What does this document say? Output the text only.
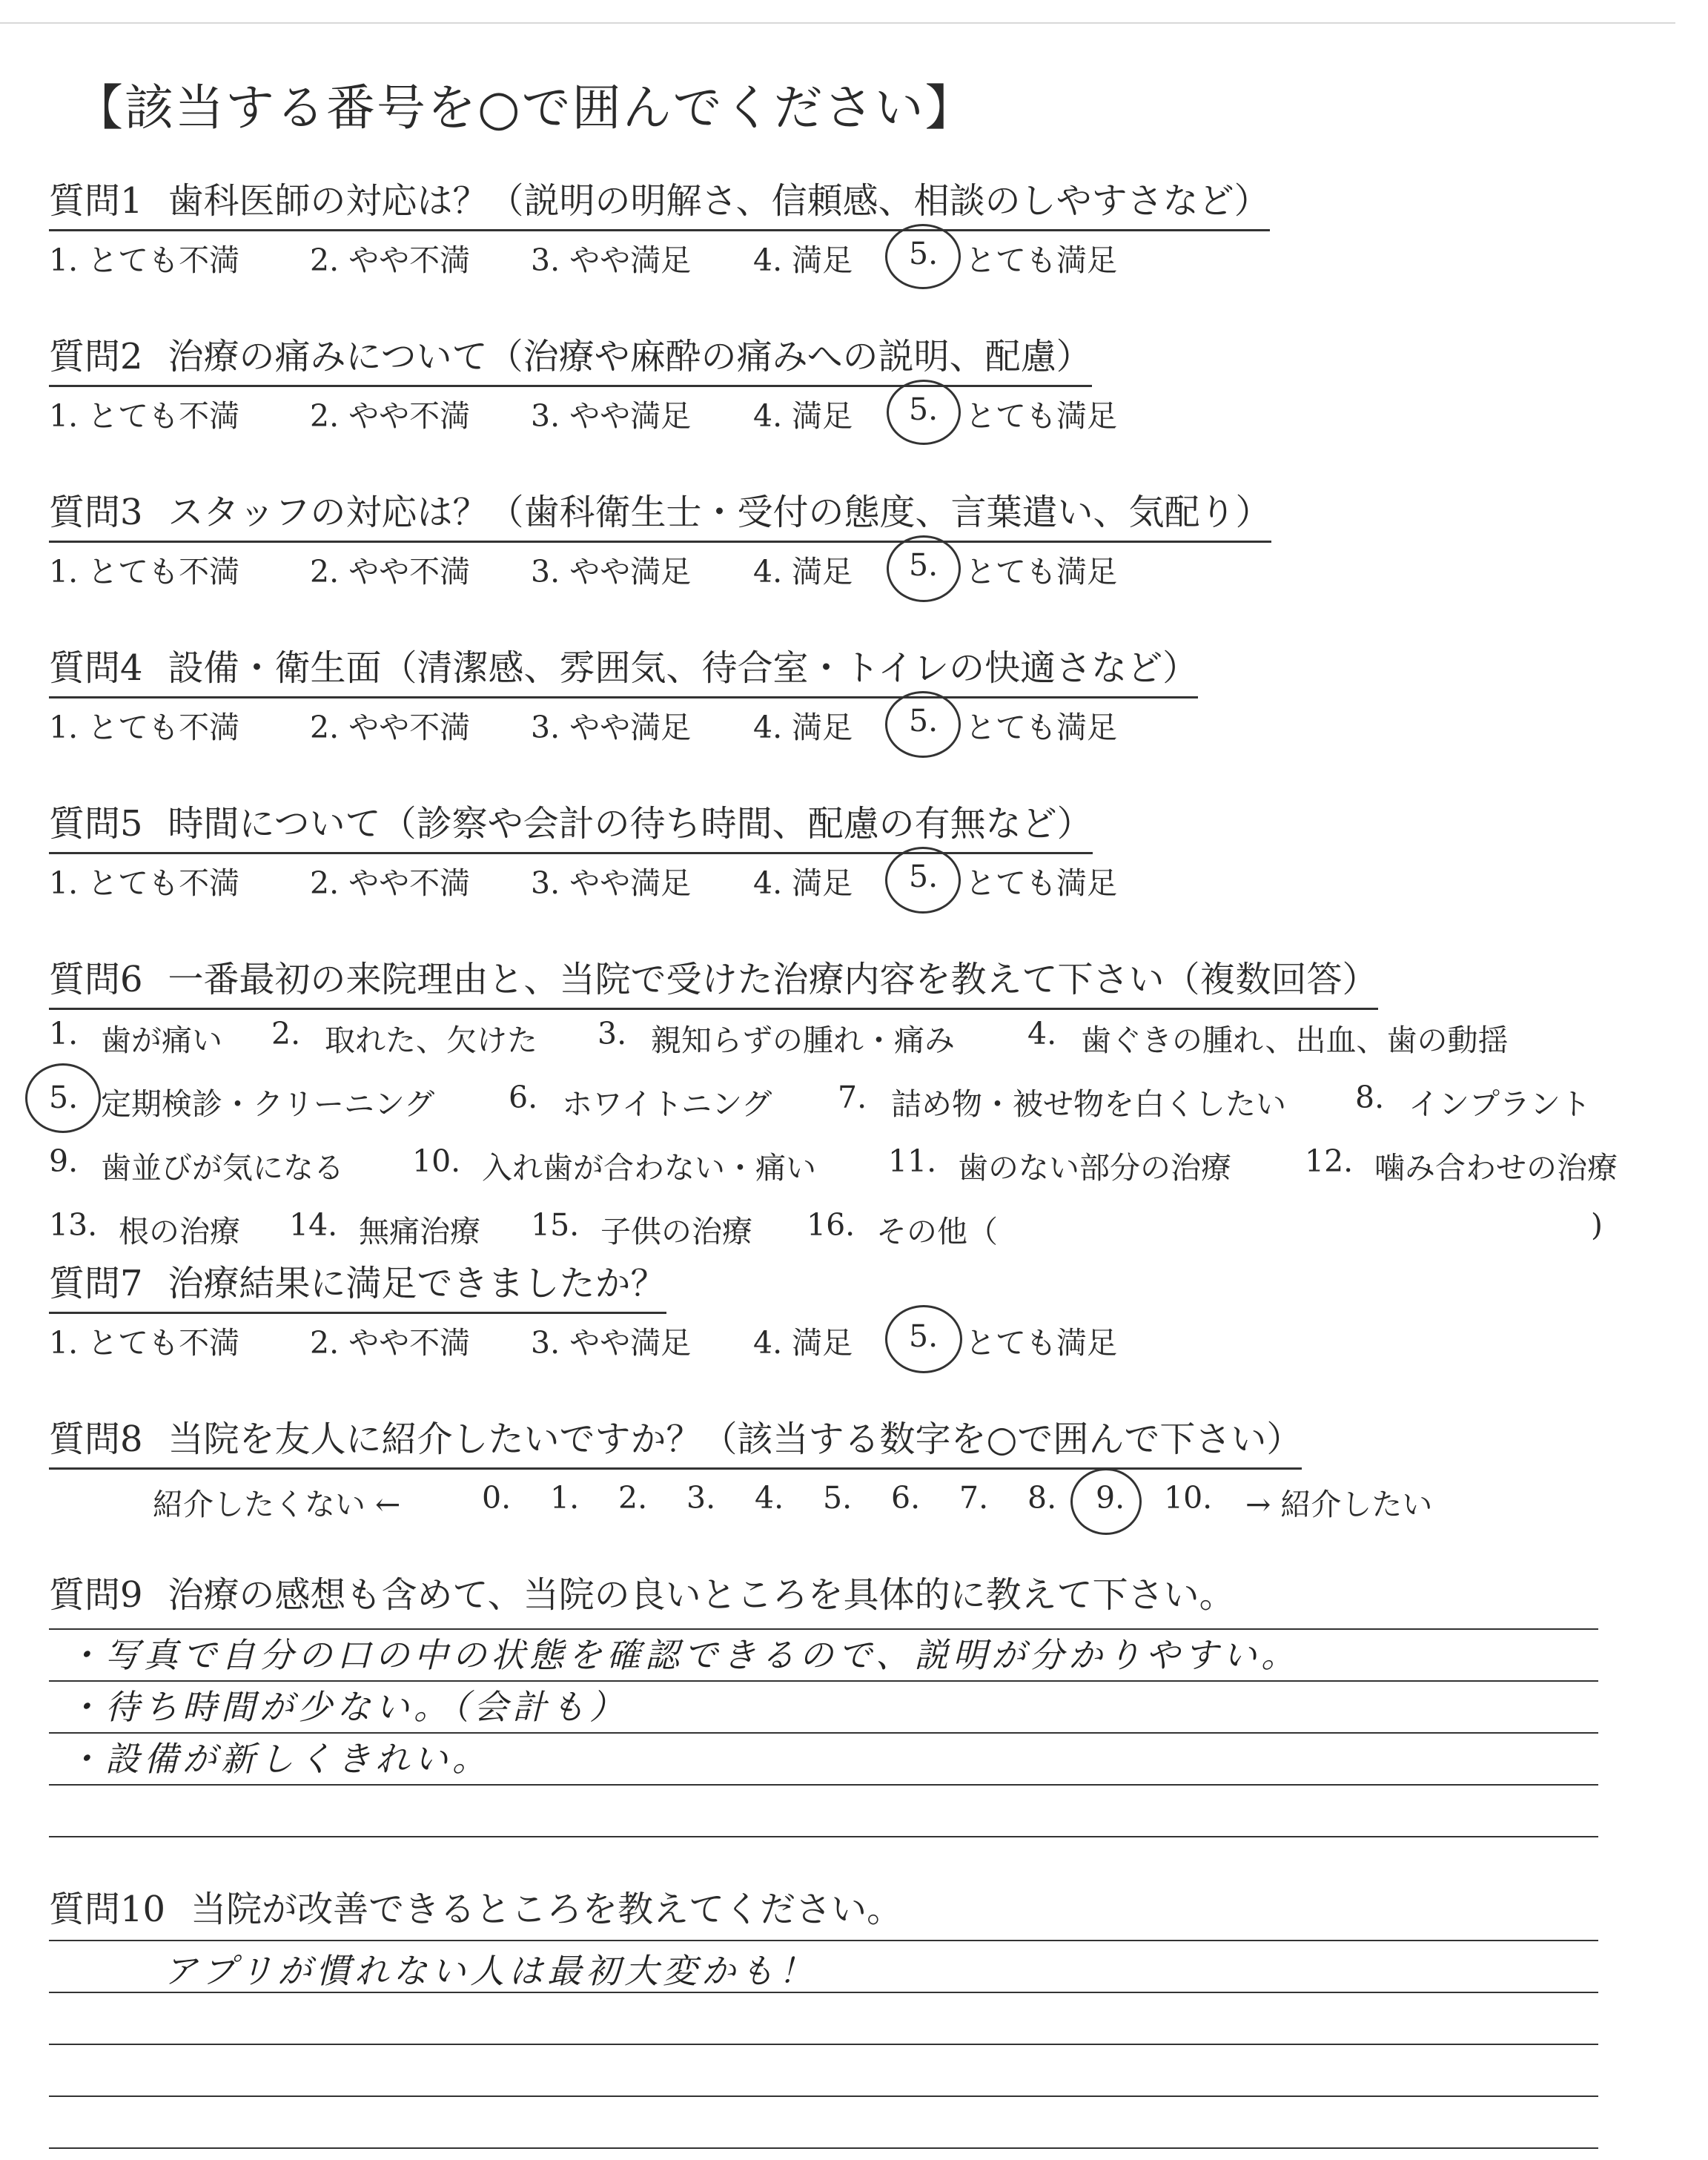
【該当する番号を○で囲んでください】
質問1 歯科医師の対応は？（説明の明解さ、信頼感、相談のしやすさなど）
1. とても不満 2. やや不満 3. やや満足 4. 満足 5. とても満足
質問2 治療の痛みについて（治療や麻酔の痛みへの説明、配慮）
1. とても不満 2. やや不満 3. やや満足 4. 満足 5. とても満足
質問3 スタッフの対応は？（歯科衛生士・受付の態度、言葉遣い、気配り）
1. とても不満 2. やや不満 3. やや満足 4. 満足 5. とても満足
質問4 設備・衛生面（清潔感、雰囲気、待合室・トイレの快適さなど）
1. とても不満 2. やや不満 3. やや満足 4. 満足 5. とても満足
質問5 時間について（診察や会計の待ち時間、配慮の有無など）
1. とても不満 2. やや不満 3. やや満足 4. 満足 5. とても満足
質問6 一番最初の来院理由と、当院で受けた治療内容を教えて下さい（複数回答）
1. 歯が痛い 2. 取れた、欠けた 3. 親知らずの腫れ・痛み 4. 歯ぐきの腫れ、出血、歯の動揺
5. 定期検診・クリーニング 6. ホワイトニング 7. 詰め物・被せ物を白くしたい 8. インプラント
9. 歯並びが気になる 10. 入れ歯が合わない・痛い 11. 歯のない部分の治療 12. 噛み合わせの治療
13. 根の治療 14. 無痛治療 15. 子供の治療 16. その他（	)
質問7 治療結果に満足できましたか？
1. とても不満 2. やや不満 3. やや満足 4. 満足 5. とても満足
質問8 当院を友人に紹介したいですか？（該当する数字を○で囲んで下さい）
紹介したくない ←	0. 1. 2. 3. 4. 5. 6. 7. 8. 9. 10. → 紹介したい
質問9 治療の感想も含めて、当院の良いところを具体的に教えて下さい。
・写真で自分の口の中の状態を確認できるので、説明が分かりやすい。
・待ち時間が少ない。（会計も）
・設備が新しくきれい。
質問10 当院が改善できるところを教えてください。
アプリが慣れない人は最初大変かも！
